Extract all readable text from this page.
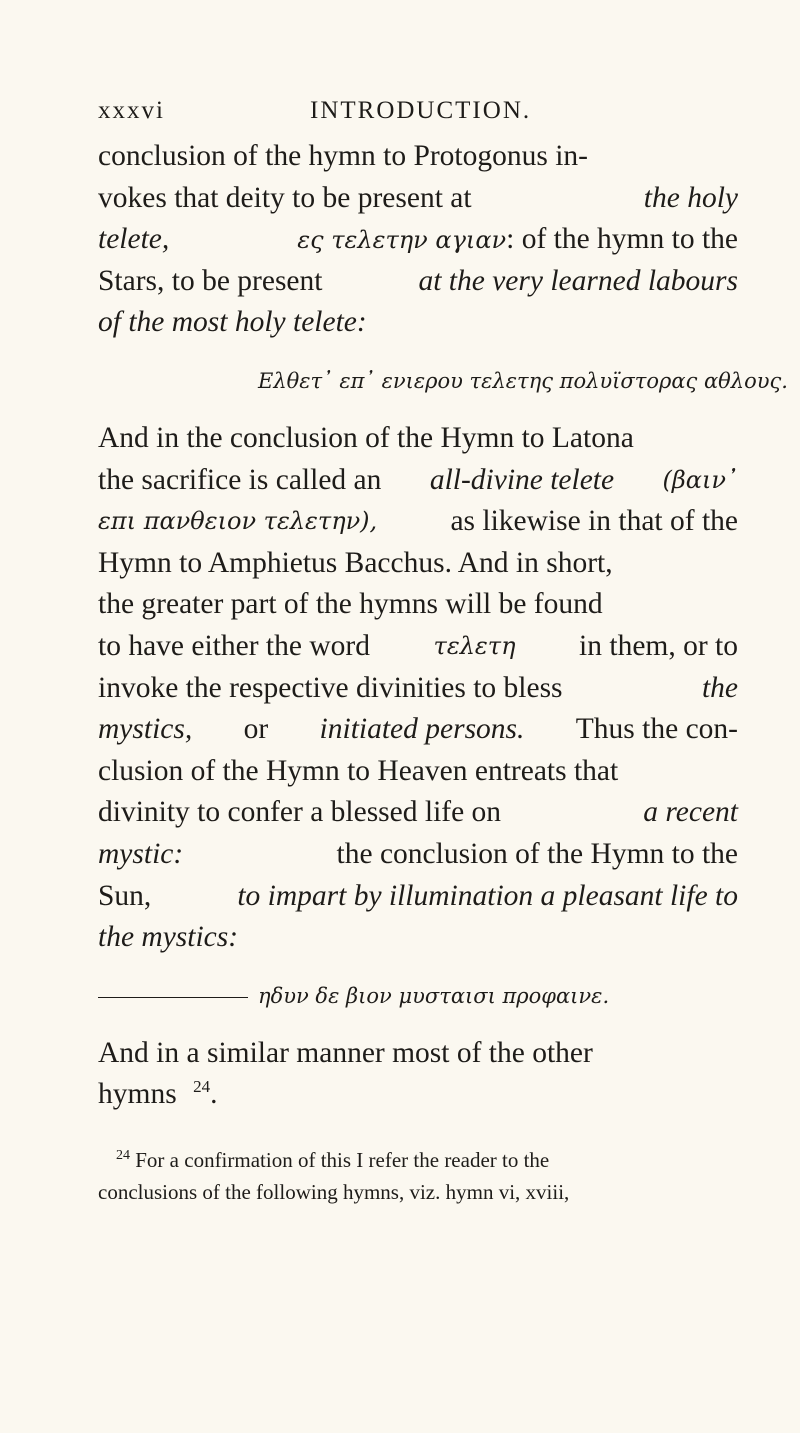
xxxvi	INTRODUCTION.
conclusion of the hymn to Protogonus in-
vokes that deity to be present at	the holy
telete,	ες τελετην αγιαν: of the hymn to the
Stars, to be present	at the very learned labours
of the most holy telete:
Ελθετ᾽ επ᾽ ενιερου τελετης πολυϊστορας αθλους.
And in the conclusion of the Hymn to Latona
the sacrifice is called an all-divine telete (βαιν᾽
επι πανθειον τελετην), as likewise in that of the
Hymn to Amphietus Bacchus. And in short,
the greater part of the hymns will be found
to have either the word	τελετη in them, or to
invoke the respective divinities to bless	the
mystics, or initiated persons. Thus the con-
clusion of the Hymn to Heaven entreats that
divinity to confer a blessed life on	a recent
mystic:	the conclusion of the Hymn to the
Sun,	to impart by illumination a pleasant life to
the mystics:
ηδυν δε βιον μυσταισι προφαινε.
And in a similar manner most of the other
hymns $^{24}$.
$^{24}$ For a confirmation of this I refer the reader to the
conclusions of the following hymns, viz. hymn vi, xviii,
